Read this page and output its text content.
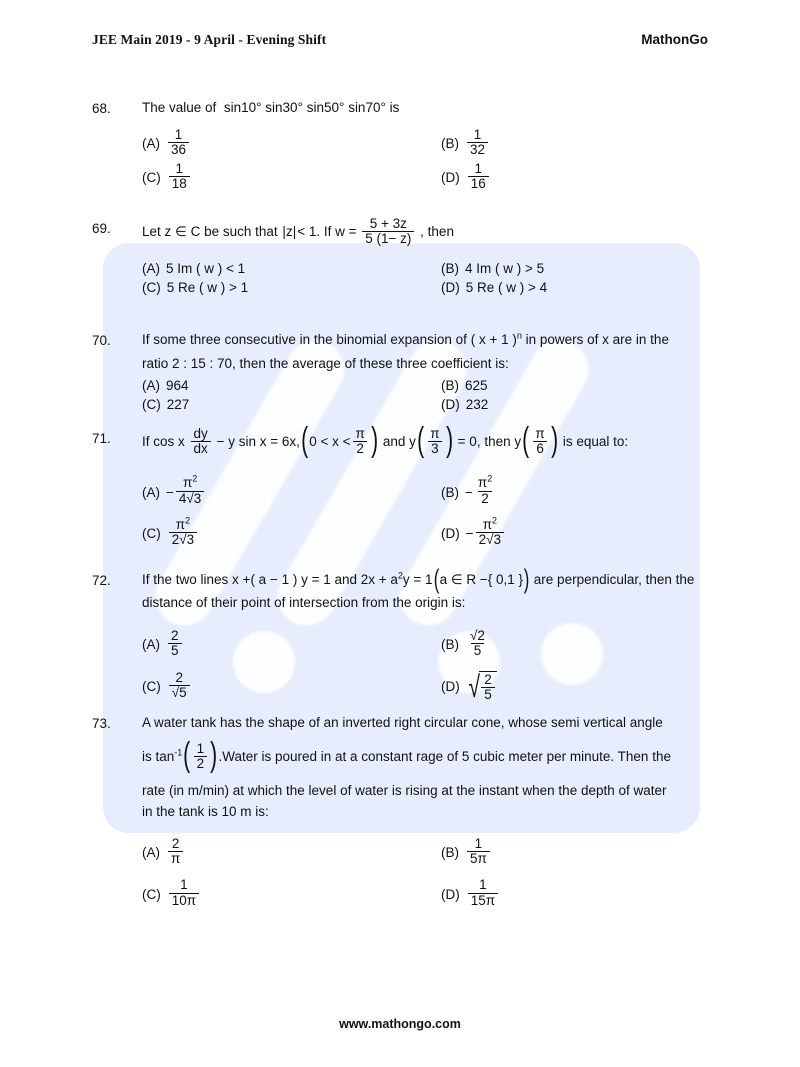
JEE Main 2019 - 9 April - Evening Shift	MathonGo
68.	The value of sin10° sin30° sin50° sin70° is
$(A) \frac{1}{36}$	$(B) \frac{1}{32}$
$(C) \frac{1}{18}$	$(D) \frac{1}{16}$
69.	Let z ∈ C be such that |z|< 1. If $w = \frac{5 + 3z}{5 (1- z)}$ , then
(A) 5 Im ( w ) < 1	(B) 4 Im ( w ) > 5
(C) 5 Re ( w ) > 1	(D) 5 Re ( w ) > 4
70.	If some three consecutive in the binomial expansion of ( x + 1 )$^n$ in powers of x are in the
ratio 2 : 15 : 70, then the average of these three coefficient is:
(A) 964	(B) 625
(C) 227	(D) 232
71.	If cos x $\frac{dy}{dx} - y$ $\sin x = 6x,(0 < x < \frac{\pi}{2}$ ) and $y( \frac{\pi}{3}$ ) = 0, then $y( \frac{\pi}{6}$ ) is equal to:
$(A) - \frac{\pi^2}{4√3}$	$(B) - \frac{\pi^2}{2}$
$(C) \frac{\pi^2}{2√3}$	$(D) - \frac{\pi^2}{2√3}$
72.	If the two lines x +( a − 1 ) y = 1 and $2x + a^2y = 1(a$ ∈ R −{ 0,1 }) are perpendicular, then the
distance of their point of intersection from the origin is:
$(A) \frac{2}{5}$	$(B) \frac{√2}{5}$
$(C) \frac{2}{√5}$	(D) √ $\frac{2}{5}$
73.	A water tank has the shape of an inverted right circular cone, whose semi vertical angle
is $\tan^{-1}( \frac{1}{2}$ ).Water is poured in at a constant rage of 5 cubic meter per minute. Then the
rate (in m/min) at which the level of water is rising at the instant when the depth of water
in the tank is 10 m is:
$(A) \frac{2}{\pi}$	$(B) \frac{1}{5\pi}$
$(C) \frac{1}{10\pi}$	$(D) \frac{1}{15\pi}$
www.mathongo.com
